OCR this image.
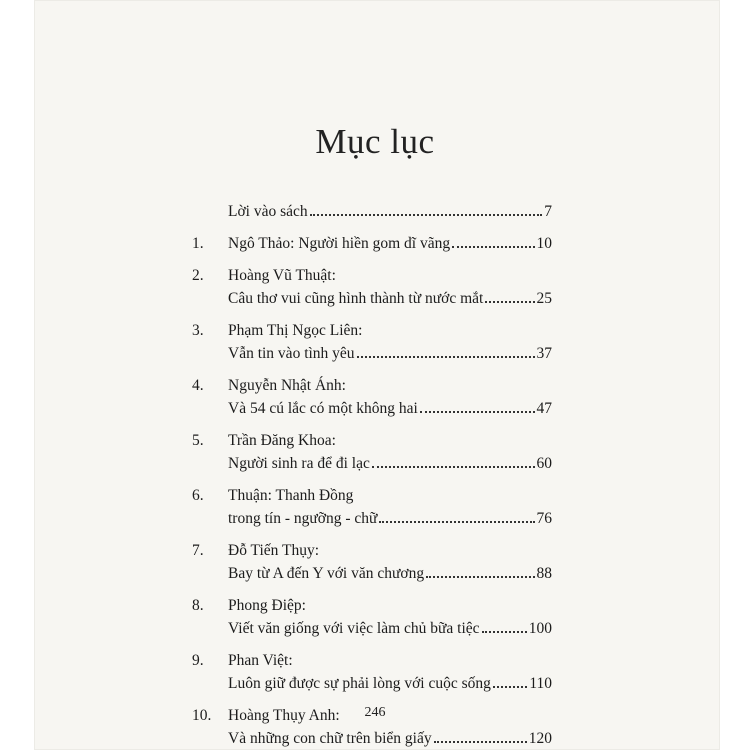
Mục lục
Lời vào sách	7
1.	Ngô Thảo: Người hiền gom dĩ vãng	10
2.	Hoàng Vũ Thuật:
Câu thơ vui cũng hình thành từ nước mắt	25
3.	Phạm Thị Ngọc Liên:
Vẫn tin vào tình yêu	37
4.	Nguyễn Nhật Ánh:
Và 54 cú lắc có một không hai	47
5.	Trần Đăng Khoa:
Người sinh ra để đi lạc	60
6.	Thuận: Thanh Đồng
trong tín - ngưỡng - chữ	76
7.	Đỗ Tiến Thụy:
Bay từ A đến Y với văn chương	88
8.	Phong Điệp:
Viết văn giống với việc làm chủ bữa tiệc	100
9.	Phan Việt:
Luôn giữ được sự phải lòng với cuộc sống 110
10.	Hoàng Thụy Anh:
Và những con chữ trên biển giấy	120
246
